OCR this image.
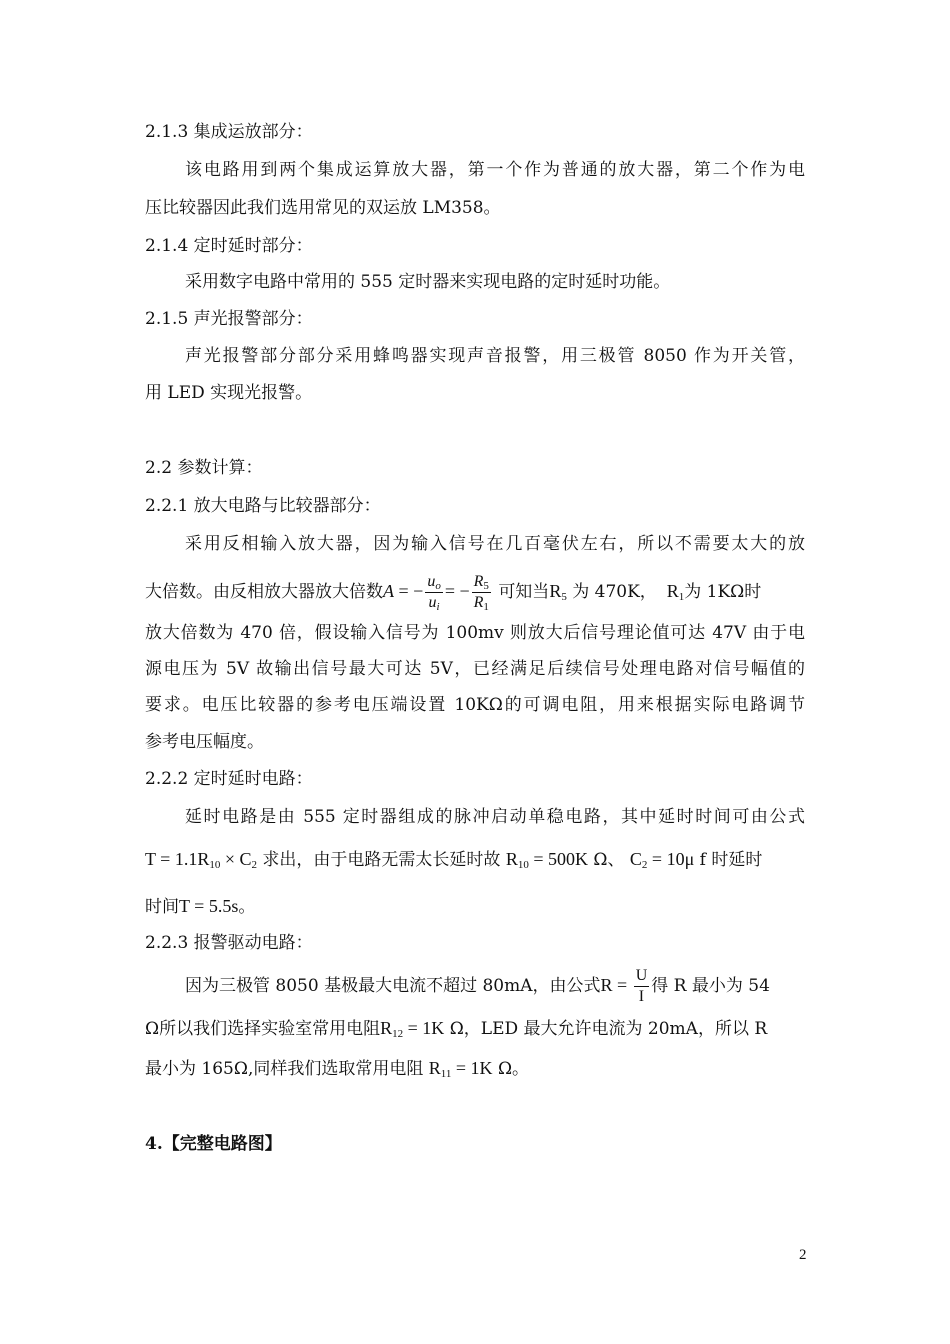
2.1.3 集成运放部分：
该电路用到两个集成运算放大器，第一个作为普通的放大器，第二个作为电
压比较器因此我们选用常见的双运放 LM358。
2.1.4 定时延时部分：
采用数字电路中常用的 555 定时器来实现电路的定时延时功能。
2.1.5 声光报警部分：
声光报警部分部分采用蜂鸣器实现声音报警，用三极管 8050 作为开关管，
用 LED 实现光报警。
2.2 参数计算：
2.2.1 放大电路与比较器部分：
采用反相输入放大器，因为输入信号在几百毫伏左右，所以不需要太大的放
大倍数。由反相放大器放大倍数A = − $\frac{u_o}{u_i}$ = − $\frac{R_5}{R_1}$ 可知当$R_5$ 为 470K，  $R_1$为 1KΩ时
放大倍数为 470 倍，假设输入信号为 100mv 则放大后信号理论值可达 47V 由于电
源电压为 5V 故输出信号最大可达 5V，已经满足后续信号处理电路对信号幅值的
要求。电压比较器的参考电压端设置 10KΩ的可调电阻，用来根据实际电路调节
参考电压幅度。
2.2.2 定时延时电路：
延时电路是由 555 定时器组成的脉冲启动单稳电路，其中延时时间可由公式
$T = 1.1R_{10} \times C_2$ 求出，由于电路无需太长延时故 $R_{10} = 500K$ Ω、 $C_2 = 10\mu$ f 时延时
时间T = 5.5s。
2.2.3 报警驱动电路：
因为三极管 8050 基极最大电流不超过 80mA，由公式$R = \frac{U}{I}$ 得 R 最小为 54
Ω所以我们选择实验室常用电阻$R_{12} = 1K$ Ω，LED 最大允许电流为 20mA，所以 R
最小为 165Ω,同样我们选取常用电阻 $R_{11} = 1K$ Ω。
4.【完整电路图】
2
